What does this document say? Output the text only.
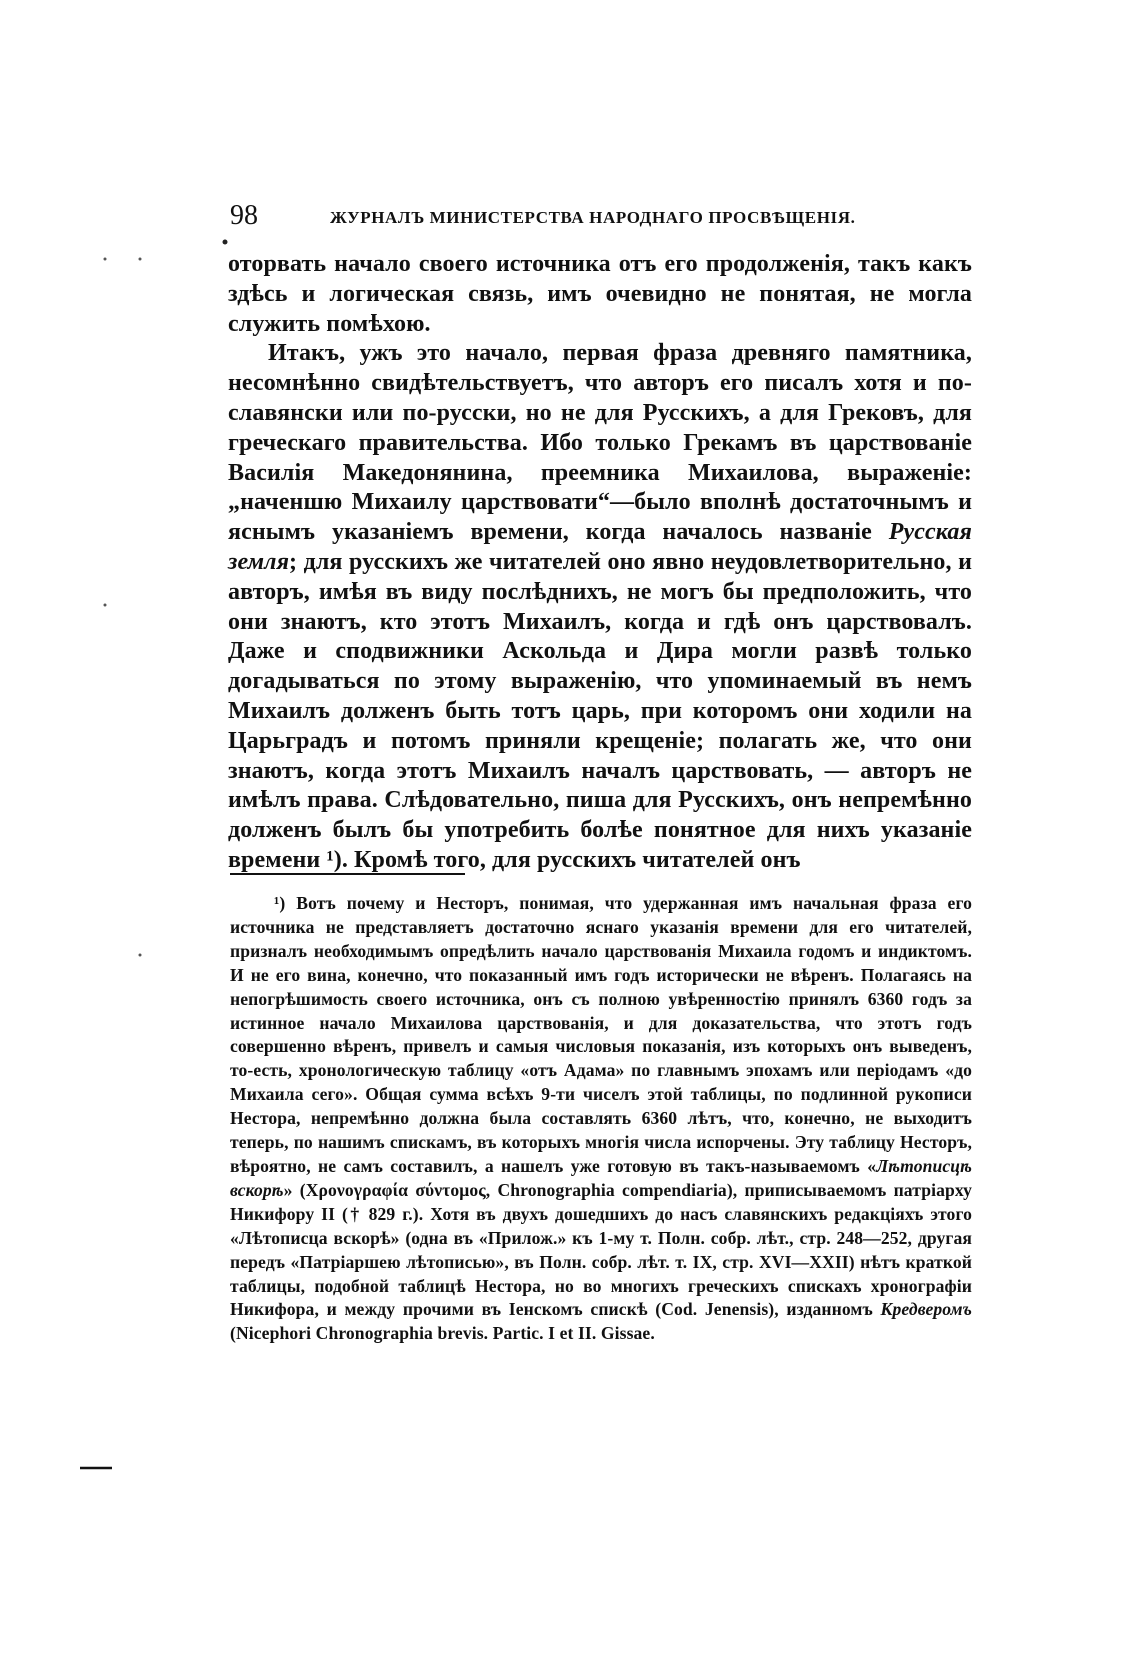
98	ЖУРНАЛЪ МИНИСТЕРСТВА НАРОДНАГО ПРОСВѢЩЕНІЯ.

оторвать начало своего источника отъ его продолженія, такъ какъ здѣсь и логическая связь, имъ очевидно не понятая, не могла служить помѣхою.

Итакъ, ужъ это начало, первая фраза древняго памятника, несомнѣнно свидѣтельствуетъ, что авторъ его писалъ хотя и по-славянски или по-русски, но не для Русскихъ, а для Грековъ, для греческаго правительства. Ибо только Грекамъ въ царствованіе Василія Македонянина, преемника Михаилова, выраженіе: „наченшю Михаилу царствовати“—было вполнѣ достаточнымъ и яснымъ указаніемъ времени, когда началось названіе Русская земля; для русскихъ же читателей оно явно неудовлетворительно, и авторъ, имѣя въ виду послѣднихъ, не могъ бы предположить, что они знаютъ, кто этотъ Михаилъ, когда и гдѣ онъ царствовалъ. Даже и сподвижники Аскольда и Дира могли развѣ только догадываться по этому выраженію, что упоминаемый въ немъ Михаилъ долженъ быть тотъ царь, при которомъ они ходили на Царьградъ и потомъ приняли крещеніе; полагать же, что они знаютъ, когда этотъ Михаилъ началъ царствовать, — авторъ не имѣлъ права. Слѣдовательно, пиша для Русскихъ, онъ непремѣнно долженъ былъ бы употребить болѣе понятное для нихъ указаніе времени ¹). Кромѣ того, для русскихъ читателей онъ

¹) Вотъ почему и Несторъ, понимая, что удержанная имъ начальная фраза его источника не представляетъ достаточно яснаго указанія времени для его читателей, призналъ необходимымъ опредѣлить начало царствованія Михаила годомъ и индиктомъ. И не его вина, конечно, что показанный имъ годъ исторически не вѣренъ. Полагаясь на непогрѣшимость своего источника, онъ съ полною увѣренностію принялъ 6360 годъ за истинное начало Михаилова царствованія, и для доказательства, что этотъ годъ совершенно вѣренъ, привелъ и самыя числовыя показанія, изъ которыхъ онъ выведенъ, то-есть, хронологическую таблицу «отъ Адама» по главнымъ эпохамъ или періодамъ «до Михаила сего». Общая сумма всѣхъ 9-ти чиселъ этой таблицы, по подлинной рукописи Нестора, непремѣнно должна была составлять 6360 лѣтъ, что, конечно, не выходитъ теперь, по нашимъ спискамъ, въ которыхъ многія числа испорчены. Эту таблицу Несторъ, вѣроятно, не самъ составилъ, а нашелъ уже готовую въ такъ-называемомъ «Лѣтописцѣ вскорѣ» (Χρονογραφία σύντομος, Chronographia compendiaria), приписываемомъ патріарху Никифору II († 829 г.). Хотя въ двухъ дошедшихъ до насъ славянскихъ редакціяхъ этого «Лѣтописца вскорѣ» (одна въ «Прилож.» къ 1-му т. Полн. собр. лѣт., стр. 248—252, другая передъ «Патріаршею лѣтописью», въ Полн. собр. лѣт. т. IX, стр. XVI—XXII) нѣтъ краткой таблицы, подобной таблицѣ Нестора, но во многихъ греческихъ спискахъ хронографіи Никифора, и между прочими въ Іенскомъ спискѣ (Cod. Jenensis), изданномъ Кредверомъ (Nicephori Chronographia brevis. Partic. I et II. Gissae.
